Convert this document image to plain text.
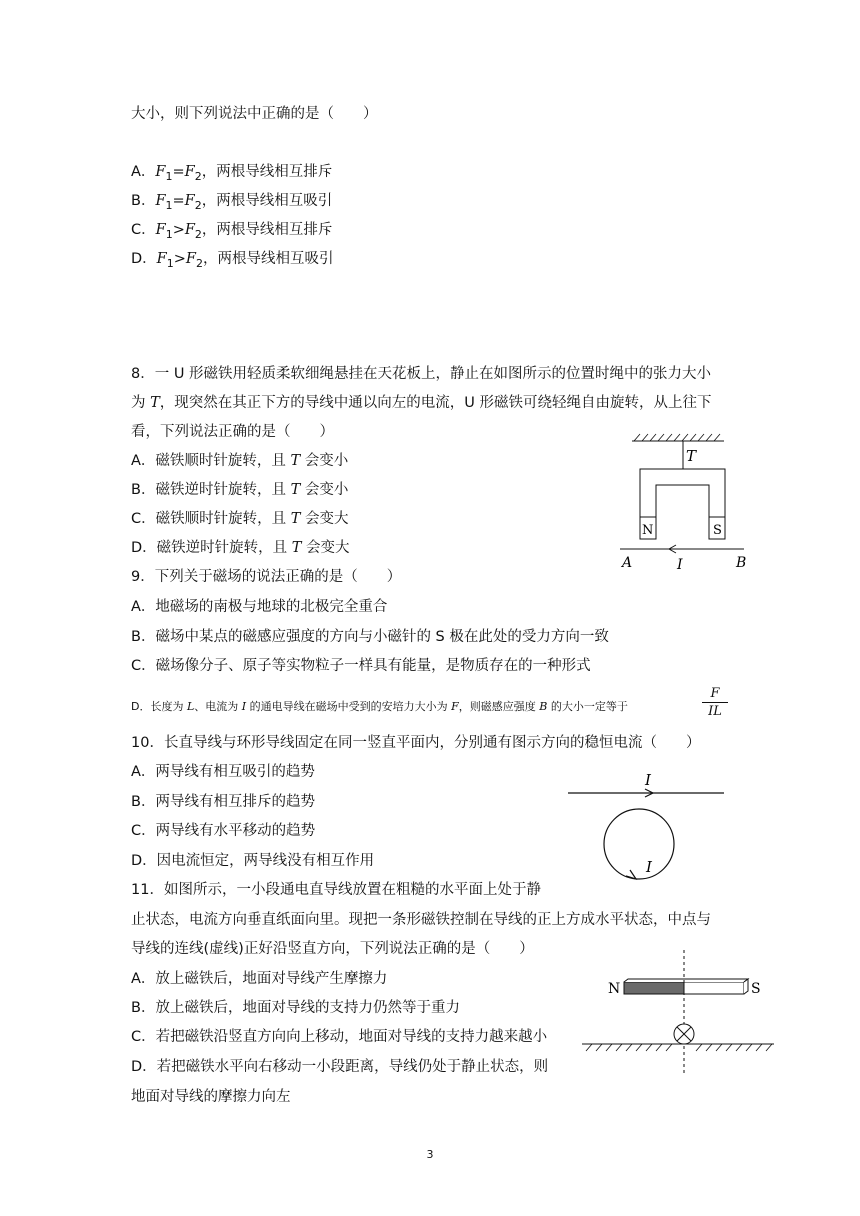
大小，则下列说法中正确的是（　　）
A．$F_1=F_2$，两根导线相互排斥
B．$F_1=F_2$，两根导线相互吸引
C．$F_1>F_2$，两根导线相互排斥
D．$F_1>F_2$，两根导线相互吸引
8．一 U 形磁铁用轻质柔软细绳悬挂在天花板上，静止在如图所示的位置时绳中的张力大小
为 T，现突然在其正下方的导线中通以向左的电流，U 形磁铁可绕轻绳自由旋转，从上往下
看，下列说法正确的是（　　）
A．磁铁顺时针旋转，且 T 会变小
B．磁铁逆时针旋转，且 T 会变小
C．磁铁顺时针旋转，且 T 会变大
D．磁铁逆时针旋转，且 T 会变大
T
N	S
A	I	B
9．下列关于磁场的说法正确的是（　　）
A．地磁场的南极与地球的北极完全重合
B．磁场中某点的磁感应强度的方向与小磁针的 S 极在此处的受力方向一致
C．磁场像分子、原子等实物粒子一样具有能量，是物质存在的一种形式
D．长度为 L、电流为 I 的通电导线在磁场中受到的安培力大小为 F，则磁感应强度 B 的大小一定等于
F
IL
10．长直导线与环形导线固定在同一竖直平面内，分别通有图示方向的稳恒电流（　　）
A．两导线有相互吸引的趋势
B．两导线有相互排斥的趋势
C．两导线有水平移动的趋势
D．因电流恒定，两导线没有相互作用
I
I
11．如图所示，一小段通电直导线放置在粗糙的水平面上处于静
止状态，电流方向垂直纸面向里。现把一条形磁铁控制在导线的正上方成水平状态，中点与
导线的连线(虚线)正好沿竖直方向，下列说法正确的是（　　）
A．放上磁铁后，地面对导线产生摩擦力
B．放上磁铁后，地面对导线的支持力仍然等于重力
C．若把磁铁沿竖直方向向上移动，地面对导线的支持力越来越小
D．若把磁铁水平向右移动一小段距离，导线仍处于静止状态，则
地面对导线的摩擦力向左
N	S
3
